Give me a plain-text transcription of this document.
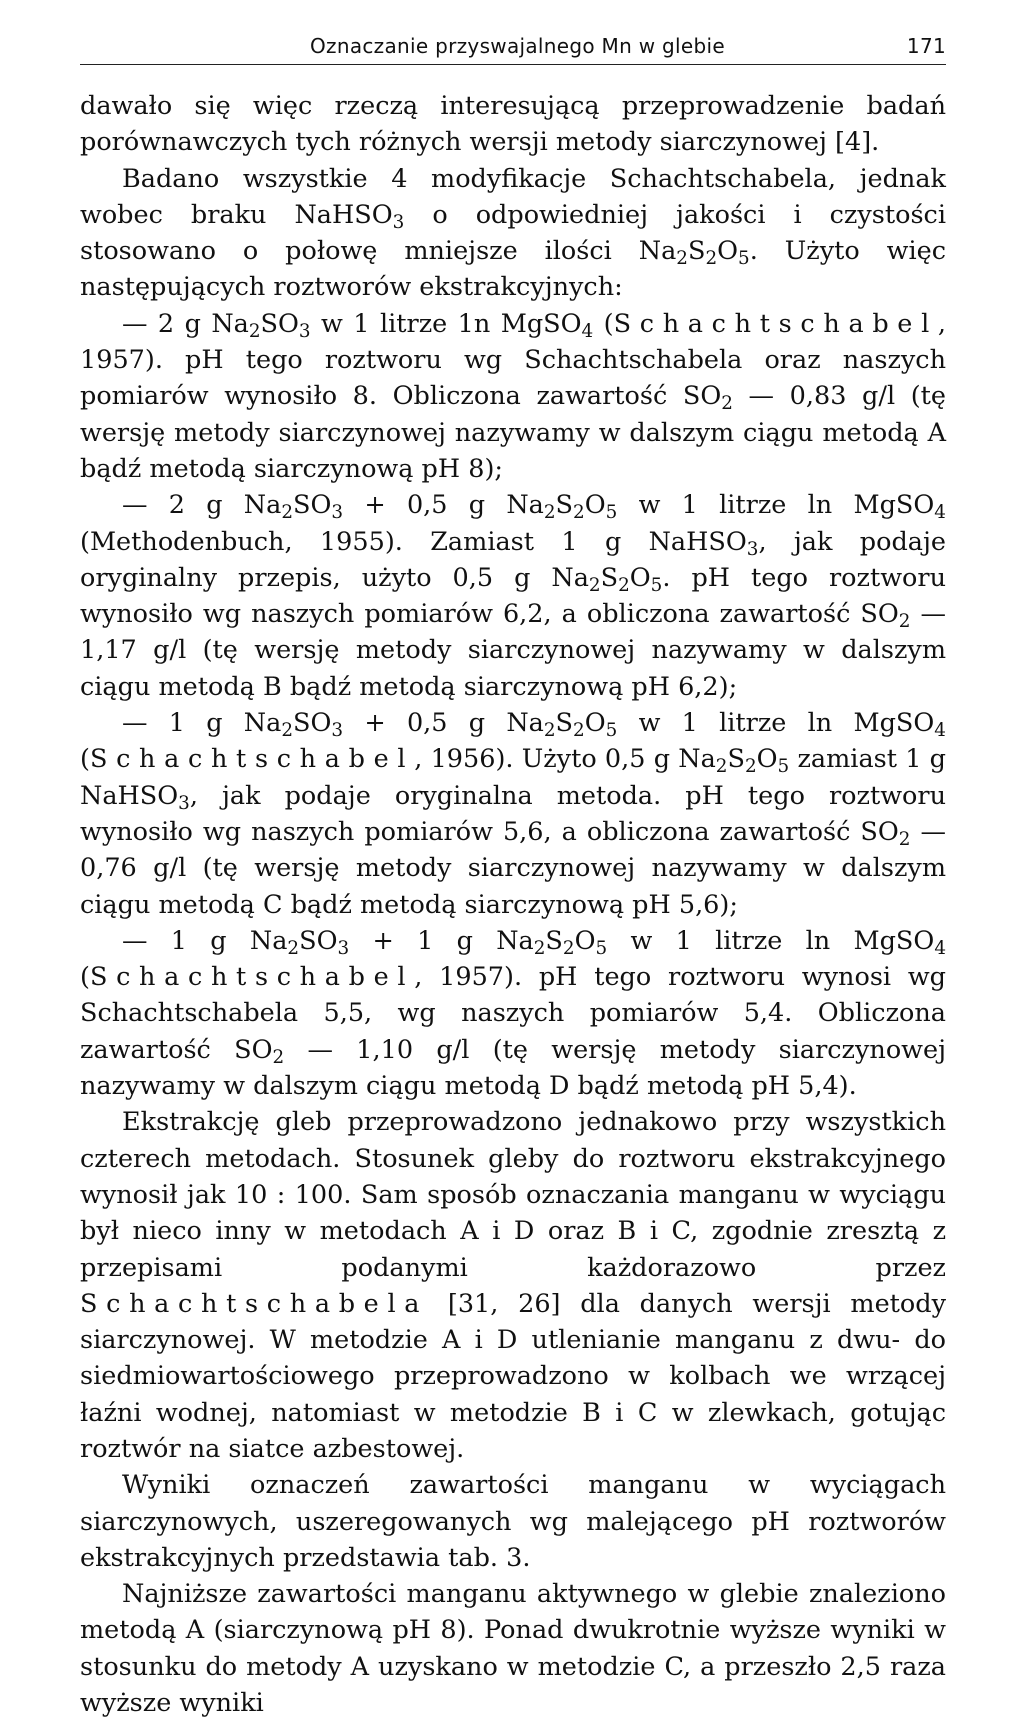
Oznaczanie przyswajalnego Mn w glebie	171

dawało się więc rzeczą interesującą przeprowadzenie badań porównawczych tych różnych wersji metody siarczynowej [4].

Badano wszystkie 4 modyfikacje Schachtschabela, jednak wobec braku NaHSO$_3$ o odpowiedniej jakości i czystości stosowano o połowę mniejsze ilości $Na_2S_2O_5$. Użyto więc następujących roztworów ekstrakcyjnych:

— 2 g $Na_2SO_3$ w 1 litrze 1n MgSO$_4$ (Schachtschabel, 1957). pH tego roztworu wg Schachtschabela oraz naszych pomiarów wynosiło 8. Obliczona zawartość $SO_2$ — 0,83 g/l (tę wersję metody siarczynowej nazywamy w dalszym ciągu metodą A bądź metodą siarczynową pH 8);

— 2 g $Na_2SO_3 + 0,5$ g $Na_2S_2O_5$ w 1 litrze ln MgSO$_4$ (Methodenbuch, 1955). Zamiast 1 g NaHSO$_3$, jak podaje oryginalny przepis, użyto 0,5 g $Na_2S_2O_5$. pH tego roztworu wynosiło wg naszych pomiarów 6,2, a obliczona zawartość $SO_2$ — 1,17 g/l (tę wersję metody siarczynowej nazywamy w dalszym ciągu metodą B bądź metodą siarczynową pH 6,2);

— 1 g $Na_2SO_3 + 0,5$ g $Na_2S_2O_5$ w 1 litrze ln MgSO$_4$ (Schachtschabel, 1956). Użyto 0,5 g $Na_2S_2O_5$ zamiast 1 g NaHSO$_3$, jak podaje oryginalna metoda. pH tego roztworu wynosiło wg naszych pomiarów 5,6, a obliczona zawartość $SO_2$ — 0,76 g/l (tę wersję metody siarczynowej nazywamy w dalszym ciągu metodą C bądź metodą siarczynową pH 5,6);

— 1 g $Na_2SO_3 + 1$ g $Na_2S_2O_5$ w 1 litrze ln MgSO$_4$ (Schachtschabel, 1957). pH tego roztworu wynosi wg Schachtschabela 5,5, wg naszych pomiarów 5,4. Obliczona zawartość $SO_2$ — 1,10 g/l (tę wersję metody siarczynowej nazywamy w dalszym ciągu metodą D bądź metodą pH 5,4).

Ekstrakcję gleb przeprowadzono jednakowo przy wszystkich czterech metodach. Stosunek gleby do roztworu ekstrakcyjnego wynosił jak 10 : 100. Sam sposób oznaczania manganu w wyciągu był nieco inny w metodach A i D oraz B i C, zgodnie zresztą z przepisami podanymi każdorazowo przez Schachtschabela [31, 26] dla danych wersji metody siarczynowej. W metodzie A i D utlenianie manganu z dwu- do siedmiowartościowego przeprowadzono w kolbach we wrzącej łaźni wodnej, natomiast w metodzie B i C w zlewkach, gotując roztwór na siatce azbestowej.

Wyniki oznaczeń zawartości manganu w wyciągach siarczynowych, uszeregowanych wg malejącego pH roztworów ekstrakcyjnych przedstawia tab. 3.

Najniższe zawartości manganu aktywnego w glebie znaleziono metodą A (siarczynową pH 8). Ponad dwukrotnie wyższe wyniki w stosunku do metody A uzyskano w metodzie C, a przeszło 2,5 raza wyższe wyniki
